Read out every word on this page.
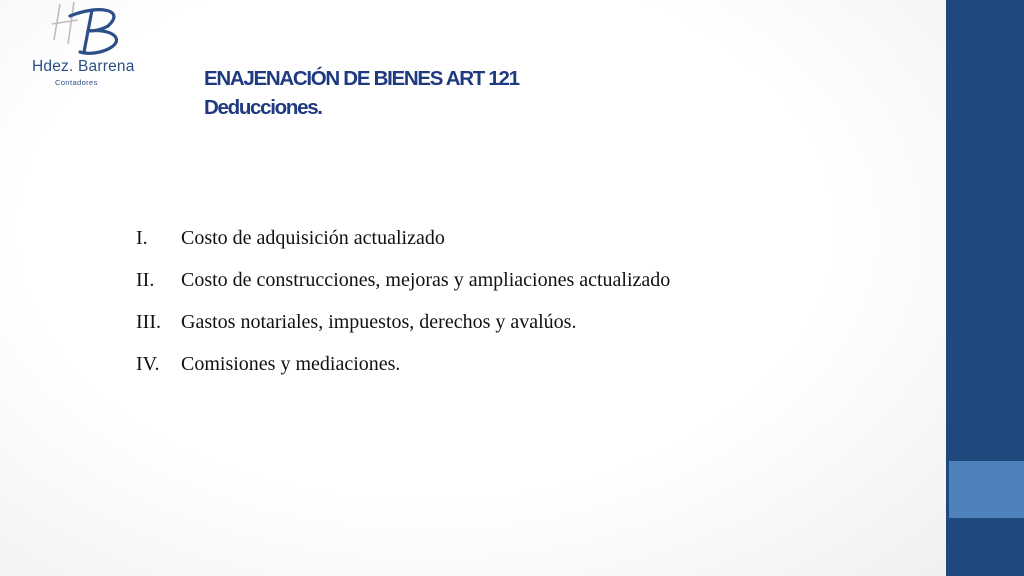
Hdez. Barrena
Contadores	ENAJENACIÓN DE BIENES ART 121
Deducciones.
I.	Costo de adquisición actualizado
II.	Costo de construcciones, mejoras y ampliaciones actualizado
III.	Gastos notariales, impuestos, derechos y avalúos.
IV.	Comisiones y mediaciones.
